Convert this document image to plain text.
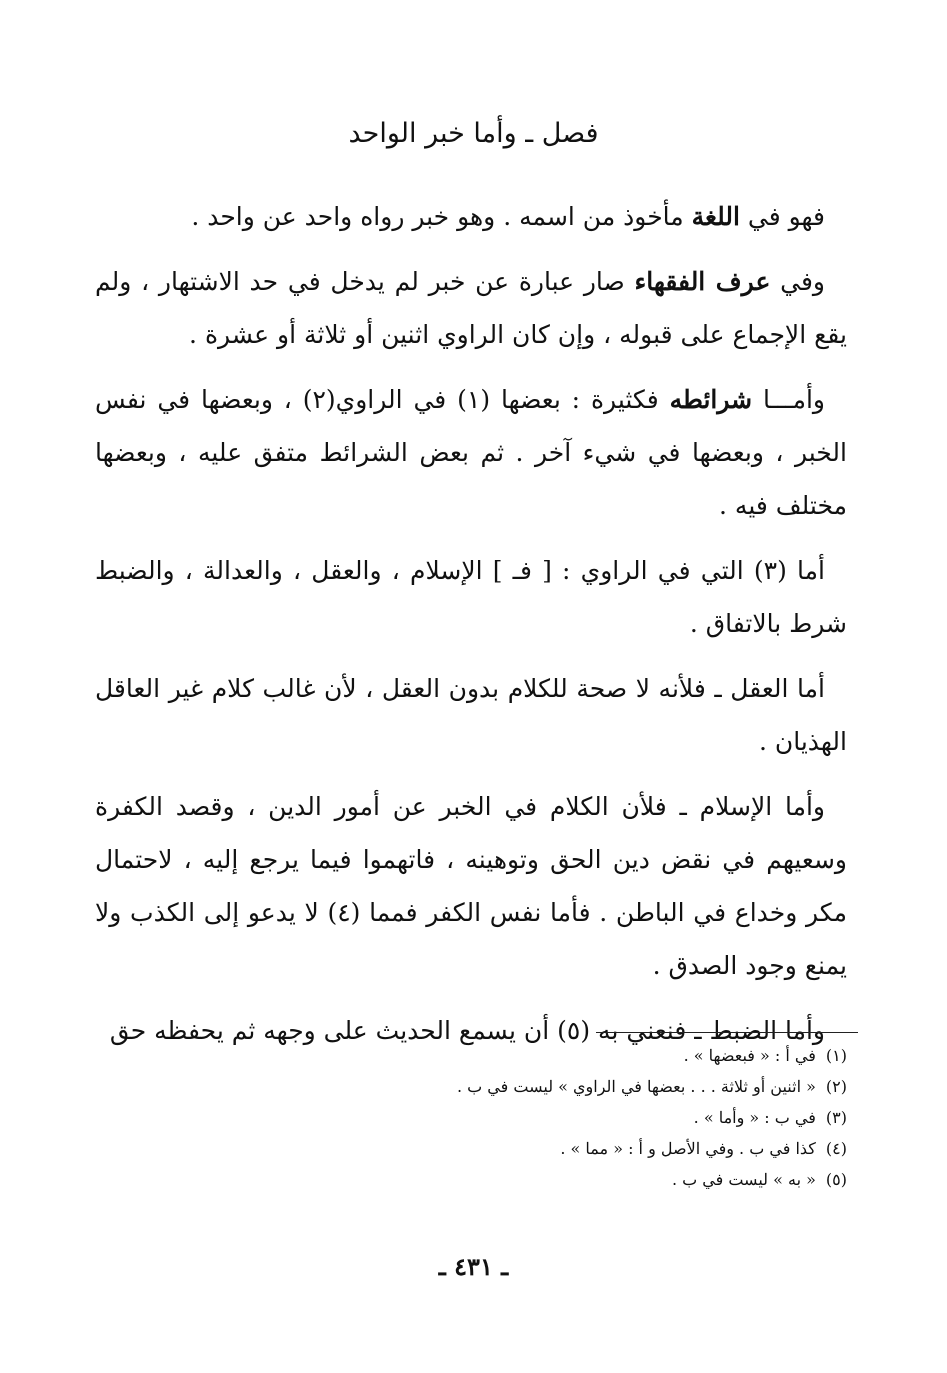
فصل ـ وأما خبر الواحد

فهو في اللغة مأخوذ من اسمه . وهو خبر رواه واحد عن واحد .

وفي عرف الفقهاء صار عبارة عن خبر لم يدخل في حد الاشتهار ، ولم يقع الإجماع على قبوله ، وإن كان الراوي اثنين أو ثلاثة أو عشرة .

وأمـــا شرائطه فكثيرة : بعضها (١) في الراوي(٢) ، وبعضها في نفس الخبر ، وبعضها في شيء آخر . ثم بعض الشرائط متفق عليه ، وبعضها مختلف فيه .

أما (٣) التي في الراوي : [ فـ ] الإسلام ، والعقل ، والعدالة ، والضبط شرط بالاتفاق .

أما العقل ـ فلأنه لا صحة للكلام بدون العقل ، لأن غالب كلام غير العاقل الهذيان .

وأما الإسلام ـ فلأن الكلام في الخبر عن أمور الدين ، وقصد الكفرة وسعيهم في نقض دين الحق وتوهينه ، فاتهموا فيما يرجع إليه ، لاحتمال مكر وخداع في الباطن . فأما نفس الكفر فمما (٤) لا يدعو إلى الكذب ولا يمنع وجود الصدق .

وأما الضبط ـ فنعني به (٥) أن يسمع الحديث على وجهه ثم يحفظه حق

(١)في أ : « فبعضها » .
(٢)« اثنين أو ثلاثة . . . بعضها في الراوي » ليست في ب .
(٣)في ب : « وأما » .
(٤)كذا في ب . وفي الأصل و أ : « مما » .
(٥)« به » ليست في ب .
ـ ٤٣١ ـ
